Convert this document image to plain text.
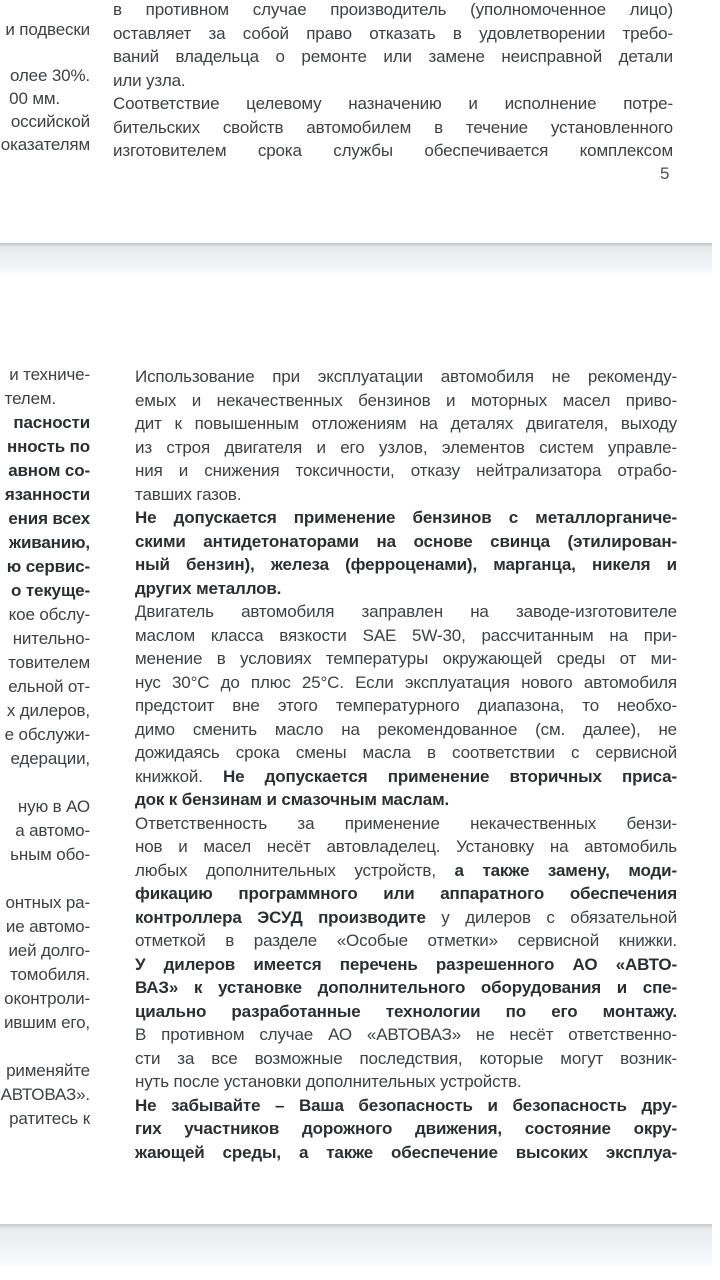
и подвески
олее 30%.
00 мм.
оссийской
оказателям
в противном случае производитель (уполномоченное лицо)
оставляет за собой право отказать в удовлетворении требо-
ваний владельца о ремонте или замене неисправной детали
или узла.
Соответствие целевому назначению и исполнение потре-
бительских свойств автомобилем в течение установленного
изготовителем срока службы обеспечивается комплексом
5
и техниче-
телем.
пасности
нность по
авном со-
язанности
ения всех
живанию,
ю сервис-
о текуще-
кое обслу-
нительно-
товителем
ельной от-
х дилеров,
е обслужи-
едерации,
ную в АО
а автомо-
ьным обо-
онтных ра-
ие автомо-
ией долго-
томобиля.
оконтроли-
ившим его,
рименяйте
АВТОВАЗ».
ратитесь к
Использование при эксплуатации автомобиля не рекоменду-
емых и некачественных бензинов и моторных масел приво-
дит к повышенным отложениям на деталях двигателя, выходу
из строя двигателя и его узлов, элементов систем управле-
ния и снижения токсичности, отказу нейтрализатора отрабо-
тавших газов.
Не допускается применение бензинов с металлорганиче-
скими антидетонаторами на основе свинца (этилирован-
ный бензин), железа (ферроценами), марганца, никеля и
других металлов.
Двигатель автомобиля заправлен на заводе-изготовителе
маслом класса вязкости SAE 5W-30, рассчитанным на при-
менение в условиях температуры окружающей среды от ми-
нус 30°С до плюс 25°С. Если эксплуатация нового автомобиля
предстоит вне этого температурного диапазона, то необхо-
димо сменить масло на рекомендованное (см. далее), не
дожидаясь срока смены масла в соответствии с сервисной
книжкой. Не допускается применение вторичных приса-
док к бензинам и смазочным маслам.
Ответственность за применение некачественных бензи-
нов и масел несёт автовладелец. Установку на автомобиль
любых дополнительных устройств, а также замену, моди-
фикацию программного или аппаратного обеспечения
контроллера ЭСУД производите у дилеров с обязательной
отметкой в разделе «Особые отметки» сервисной книжки.
У дилеров имеется перечень разрешенного АО «АВТО-
ВАЗ» к установке дополнительного оборудования и спе-
циально разработанные технологии по его монтажу.
В противном случае АО «АВТОВАЗ» не несёт ответственно-
сти за все возможные последствия, которые могут возник-
нуть после установки дополнительных устройств.
Не забывайте – Ваша безопасность и безопасность дру-
гих участников дорожного движения, состояние окру-
жающей среды, а также обеспечение высоких эксплуа-
